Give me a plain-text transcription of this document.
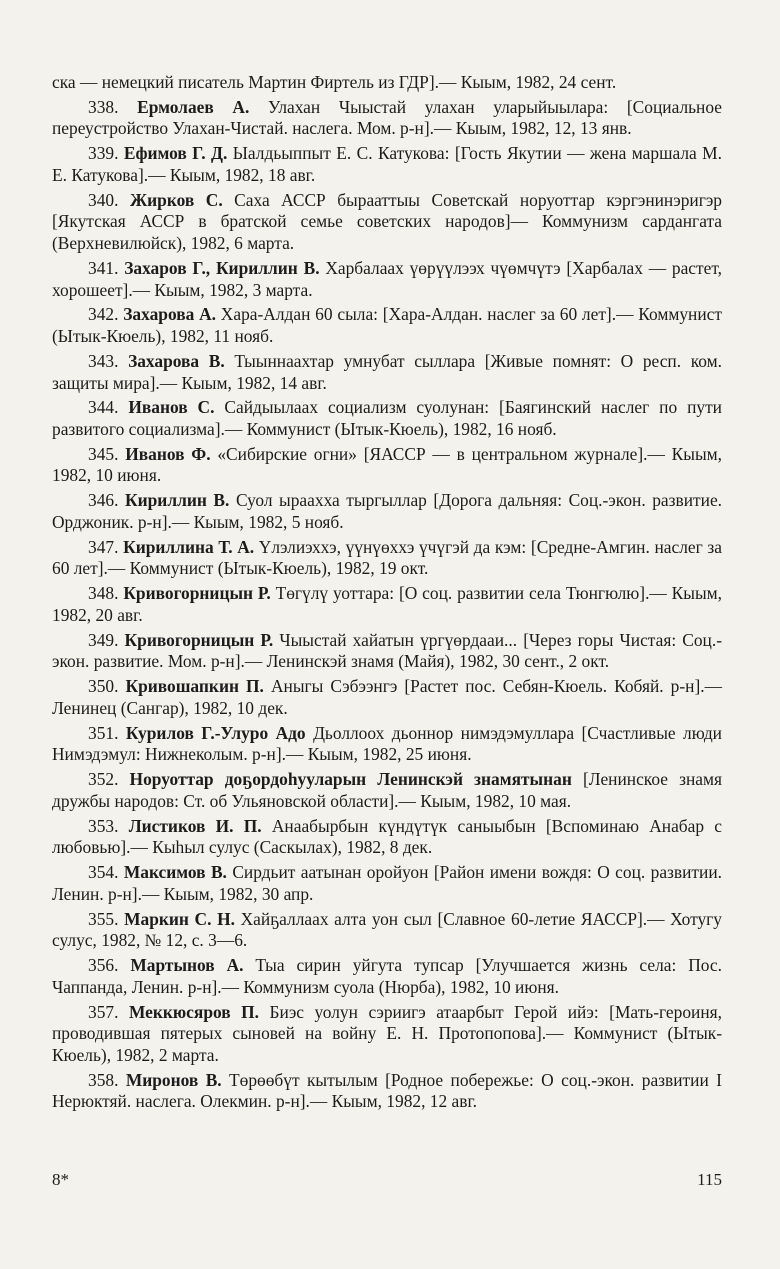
ска — немецкий писатель Мартин Фиртель из ГДР].— Кыым, 1982, 24 сент.

338. Ермолаев А. Улахан Чыыстай улахан уларыйыылара: [Социальное переустройство Улахан-Чистай. наслега. Мом. р-н].— Кыым, 1982, 12, 13 янв.

339. Ефимов Г. Д. Ыалдьыппыт Е. С. Катукова: [Гость Якутии — жена маршала М. Е. Катукова].— Кыым, 1982, 18 авг.

340. Жирков С. Саха АССР бырааттыы Советскай норуоттар кэргэнинэригэр [Якутская АССР в братской семье советских народов]— Коммунизм сардангата (Верхневилюйск), 1982, 6 марта.

341. Захаров Г., Кириллин В. Харбалаах үөрүүлээх чүөмчүтэ [Харбалах — растет, хорошеет].— Кыым, 1982, 3 марта.

342. Захарова А. Хара-Алдан 60 сыла: [Хара-Алдан. наслег за 60 лет].— Коммунист (Ытык-Кюель), 1982, 11 нояб.

343. Захарова В. Тыыннаахтар умнубат сыллара [Живые помнят: О респ. ком. защиты мира].— Кыым, 1982, 14 авг.

344. Иванов С. Сайдыылаах социализм суолунан: [Баягинский наслег по пути развитого социализма].— Коммунист (Ытык-Кюель), 1982, 16 нояб.

345. Иванов Ф. «Сибирские огни» [ЯАССР — в центральном журнале].— Кыым, 1982, 10 июня.

346. Кириллин В. Суол ыраахха тыргыллар [Дорога дальняя: Соц.-экон. развитие. Орджоник. р-н].— Кыым, 1982, 5 нояб.

347. Кириллина Т. А. Үлэлиэххэ, үүнүөххэ үчүгэй да кэм: [Средне-Амгин. наслег за 60 лет].— Коммунист (Ытык-Кюель), 1982, 19 окт.

348. Кривогорницын Р. Төгүлү уоттара: [О соц. развитии села Тюнгюлю].— Кыым, 1982, 20 авг.

349. Кривогорницын Р. Чыыстай хайатын үргүөрдааи... [Через горы Чистая: Соц.-экон. развитие. Мом. р-н].— Ленинскэй знамя (Майя), 1982, 30 сент., 2 окт.

350. Кривошапкин П. Аныгы Сэбээнгэ [Растет пос. Себян-Кюель. Кобяй. р-н].— Ленинец (Сангар), 1982, 10 дек.

351. Курилов Г.-Улуро Адо Дьоллоох дьоннор нимэдэмуллара [Счастливые люди Нимэдэмул: Нижнеколым. р-н].— Кыым, 1982, 25 июня.

352. Норуоттар доҕордоһууларын Ленинскэй знамятынан [Ленинское знамя дружбы народов: Ст. об Ульяновской области].— Кыым, 1982, 10 мая.

353. Листиков И. П. Анаабырбын күндүтүк саныыбын [Вспоминаю Анабар с любовью].— Кыһыл сулус (Саскылах), 1982, 8 дек.

354. Максимов В. Сирдьит аатынан оройуон [Район имени вождя: О соц. развитии. Ленин. р-н].— Кыым, 1982, 30 апр.

355. Маркин С. Н. Хайҕаллаах алта уон сыл [Славное 60-летие ЯАССР].— Хотугу сулус, 1982, № 12, с. 3—6.

356. Мартынов А. Тыа сирин уйгута тупсар [Улучшается жизнь села: Пос. Чаппанда, Ленин. р-н].— Коммунизм суола (Нюрба), 1982, 10 июня.

357. Меккюсяров П. Биэс уолун сэриигэ атаарбыт Герой ийэ: [Мать-героиня, проводившая пятерых сыновей на войну Е. Н. Протопопова].— Коммунист (Ытык-Кюель), 1982, 2 марта.

358. Миронов В. Төрөөбүт кытылым [Родное побережье: О соц.-экон. развитии I Нерюктяй. наслега. Олекмин. р-н].— Кыым, 1982, 12 авг.

8*	115
